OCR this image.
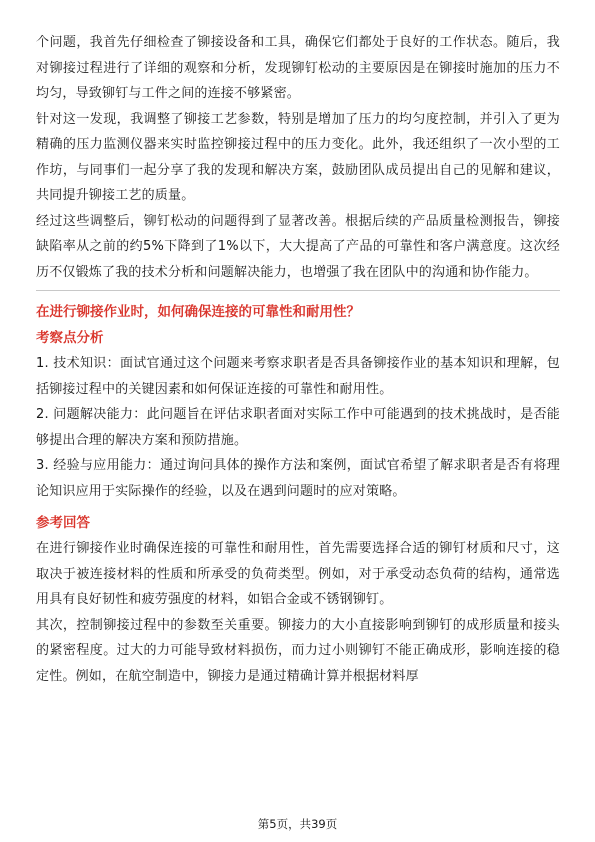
个问题，我首先仔细检查了铆接设备和工具，确保它们都处于良好的工作状态。随后，我对铆接过程进行了详细的观察和分析，发现铆钉松动的主要原因是在铆接时施加的压力不均匀，导致铆钉与工件之间的连接不够紧密。

针对这一发现，我调整了铆接工艺参数，特别是增加了压力的均匀度控制，并引入了更为精确的压力监测仪器来实时监控铆接过程中的压力变化。此外，我还组织了一次小型的工作坊，与同事们一起分享了我的发现和解决方案，鼓励团队成员提出自己的见解和建议，共同提升铆接工艺的质量。

经过这些调整后，铆钉松动的问题得到了显著改善。根据后续的产品质量检测报告，铆接缺陷率从之前的约5%下降到了1%以下，大大提高了产品的可靠性和客户满意度。这次经历不仅锻炼了我的技术分析和问题解决能力，也增强了我在团队中的沟通和协作能力。

在进行铆接作业时，如何确保连接的可靠性和耐用性？
考察点分析

1. 技术知识：面试官通过这个问题来考察求职者是否具备铆接作业的基本知识和理解，包括铆接过程中的关键因素和如何保证连接的可靠性和耐用性。

2. 问题解决能力：此问题旨在评估求职者面对实际工作中可能遇到的技术挑战时，是否能够提出合理的解决方案和预防措施。

3. 经验与应用能力：通过询问具体的操作方法和案例，面试官希望了解求职者是否有将理论知识应用于实际操作的经验，以及在遇到问题时的应对策略。

参考回答

在进行铆接作业时确保连接的可靠性和耐用性，首先需要选择合适的铆钉材质和尺寸，这取决于被连接材料的性质和所承受的负荷类型。例如，对于承受动态负荷的结构，通常选用具有良好韧性和疲劳强度的材料，如铝合金或不锈钢铆钉。

其次，控制铆接过程中的参数至关重要。铆接力的大小直接影响到铆钉的成形质量和接头的紧密程度。过大的力可能导致材料损伤，而力过小则铆钉不能正确成形，影响连接的稳定性。例如，在航空制造中，铆接力是通过精确计算并根据材料厚

第5页，共39页
